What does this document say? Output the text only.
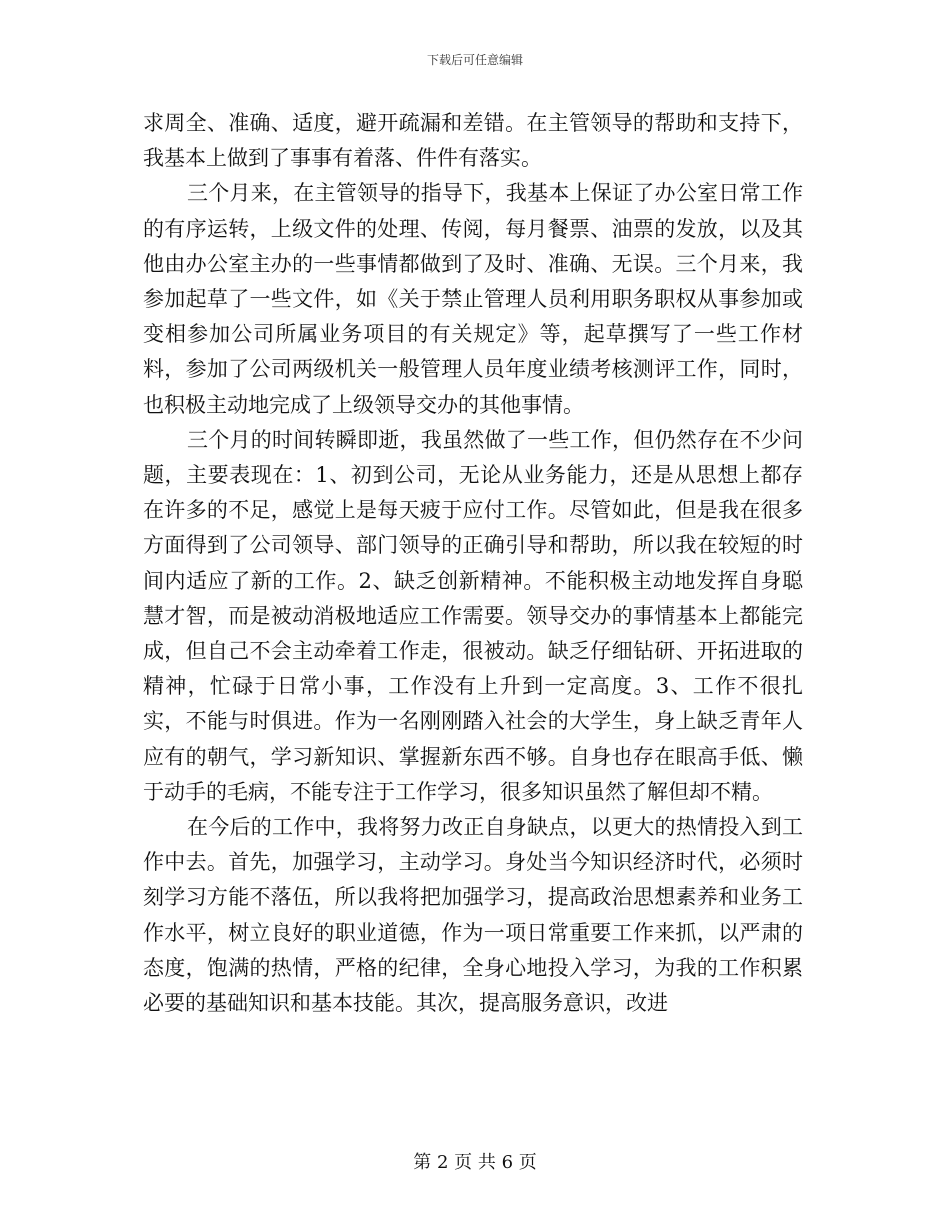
下载后可任意编辑

求周全、准确、适度，避开疏漏和差错。在主管领导的帮助和支持下，我基本上做到了事事有着落、件件有落实。

三个月来，在主管领导的指导下，我基本上保证了办公室日常工作的有序运转，上级文件的处理、传阅，每月餐票、油票的发放，以及其他由办公室主办的一些事情都做到了及时、准确、无误。三个月来，我参加起草了一些文件，如《关于禁止管理人员利用职务职权从事参加或变相参加公司所属业务项目的有关规定》等，起草撰写了一些工作材料，参加了公司两级机关一般管理人员年度业绩考核测评工作，同时，也积极主动地完成了上级领导交办的其他事情。

三个月的时间转瞬即逝，我虽然做了一些工作，但仍然存在不少问题，主要表现在：1、初到公司，无论从业务能力，还是从思想上都存在许多的不足，感觉上是每天疲于应付工作。尽管如此，但是我在很多方面得到了公司领导、部门领导的正确引导和帮助，所以我在较短的时间内适应了新的工作。2、缺乏创新精神。不能积极主动地发挥自身聪慧才智，而是被动消极地适应工作需要。领导交办的事情基本上都能完成，但自己不会主动牵着工作走，很被动。缺乏仔细钻研、开拓进取的精神，忙碌于日常小事，工作没有上升到一定高度。3、工作不很扎实，不能与时俱进。作为一名刚刚踏入社会的大学生，身上缺乏青年人应有的朝气，学习新知识、掌握新东西不够。自身也存在眼高手低、懒于动手的毛病，不能专注于工作学习，很多知识虽然了解但却不精。

在今后的工作中，我将努力改正自身缺点，以更大的热情投入到工作中去。首先，加强学习，主动学习。身处当今知识经济时代，必须时刻学习方能不落伍，所以我将把加强学习，提高政治思想素养和业务工作水平，树立良好的职业道德，作为一项日常重要工作来抓，以严肃的态度，饱满的热情，严格的纪律，全身心地投入学习，为我的工作积累必要的基础知识和基本技能。其次，提高服务意识，改进

第 2 页 共 6 页
